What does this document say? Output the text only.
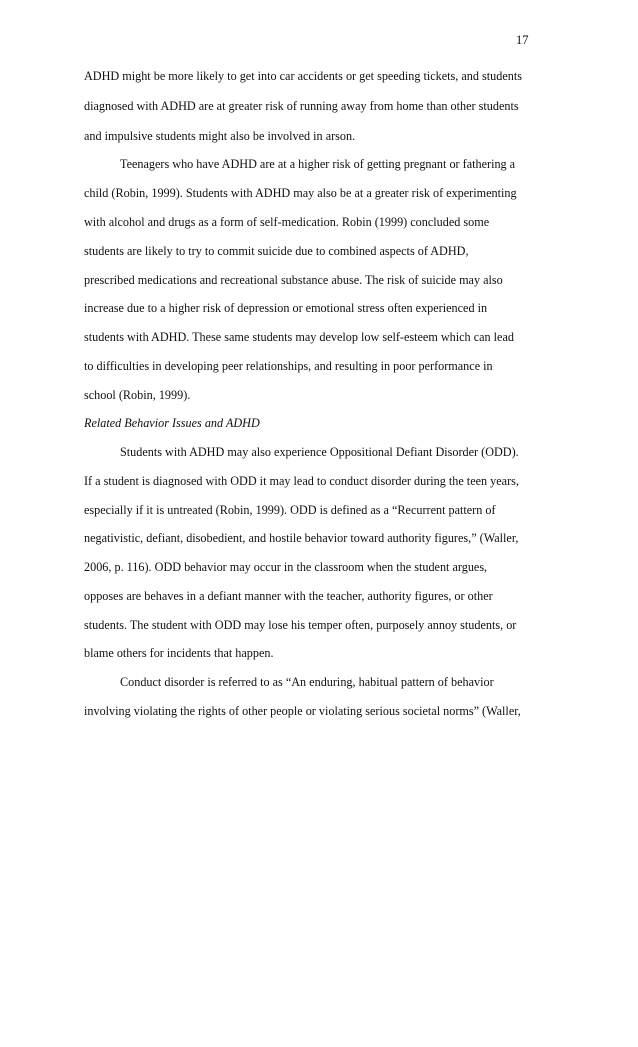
17
ADHD might be more likely to get into car accidents or get speeding tickets, and students
diagnosed with ADHD are at greater risk of running away from home than other students
and impulsive students might also be involved in arson.
Teenagers who have ADHD are at a higher risk of getting pregnant or fathering a
child (Robin, 1999). Students with ADHD may also be at a greater risk of experimenting
with alcohol and drugs as a form of self-medication. Robin (1999) concluded some
students are likely to try to commit suicide due to combined aspects of ADHD,
prescribed medications and recreational substance abuse. The risk of suicide may also
increase due to a higher risk of depression or emotional stress often experienced in
students with ADHD. These same students may develop low self-esteem which can lead
to difficulties in developing peer relationships, and resulting in poor performance in
school (Robin, 1999).
Related Behavior Issues and ADHD
Students with ADHD may also experience Oppositional Defiant Disorder (ODD).
If a student is diagnosed with ODD it may lead to conduct disorder during the teen years,
especially if it is untreated (Robin, 1999). ODD is defined as a “Recurrent pattern of
negativistic, defiant, disobedient, and hostile behavior toward authority figures,” (Waller,
2006, p. 116). ODD behavior may occur in the classroom when the student argues,
opposes are behaves in a defiant manner with the teacher, authority figures, or other
students. The student with ODD may lose his temper often, purposely annoy students, or
blame others for incidents that happen.
Conduct disorder is referred to as “An enduring, habitual pattern of behavior
involving violating the rights of other people or violating serious societal norms” (Waller,
